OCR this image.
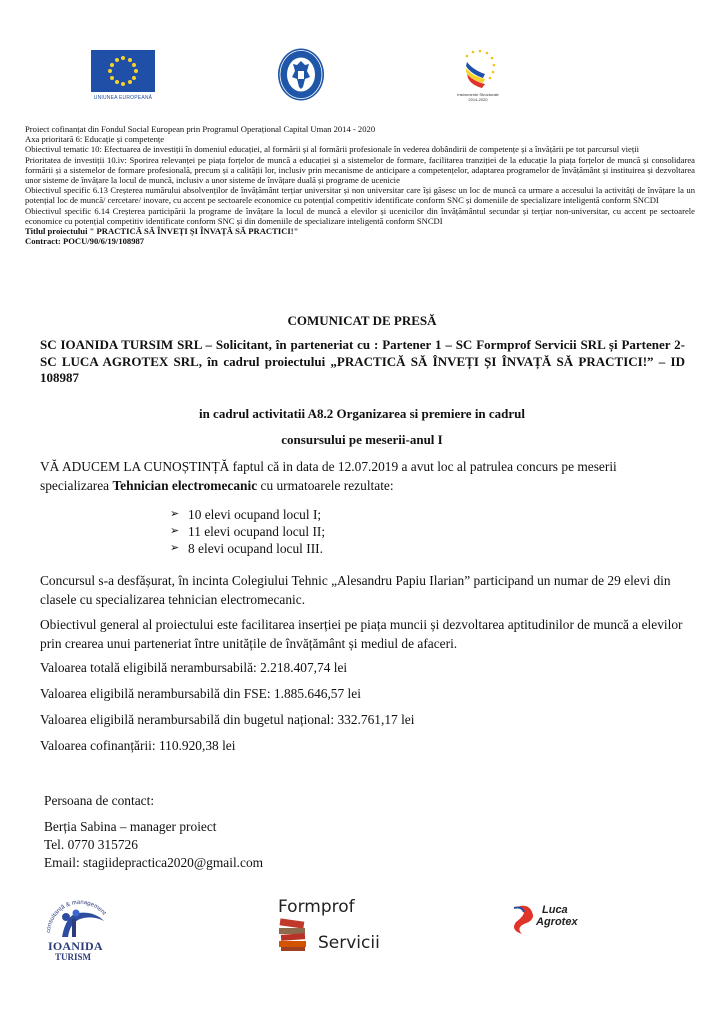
UNIUNEA EUROPEANĂ
Instrumente Structurale
2014-2020

Proiect cofinanțat din Fondul Social European prin Programul Operațional Capital Uman 2014 - 2020

Axa prioritară 6: Educație și competențe

Obiectivul tematic 10: Efectuarea de investiții în domeniul educației, al formării și al formării profesionale în vederea dobândirii de competențe și a învățării pe tot parcursul vieții

Prioritatea de investiții 10.iv: Sporirea relevanței pe piața forțelor de muncă a educației și a sistemelor de formare, facilitarea tranziției de la educație la piața forțelor de muncă și consolidarea formării și a sistemelor de formare profesională, precum și a calității lor, inclusiv prin mecanisme de anticipare a competențelor, adaptarea programelor de învățământ și instituirea și dezvoltarea unor sisteme de învățare la locul de muncă, inclusiv a unor sisteme de învățare duală și programe de ucenicie

Obiectivul specific 6.13 Creșterea numărului absolvenților de învățământ terțiar universitar și non universitar care își găsesc un loc de muncă ca urmare a accesului la activități de învățare la un potențial loc de muncă/ cercetare/ inovare, cu accent pe sectoarele economice cu potențial competitiv identificate conform SNC și domeniile de specializare inteligentă conform SNCDI

Obiectivul specific 6.14 Creșterea participării la programe de învățare la locul de muncă a elevilor și ucenicilor din învățământul secundar și terțiar non-universitar, cu accent pe sectoarele economice cu potențial competitiv identificate conform SNC și din domeniile de specializare inteligentă conform SNCDI

Titlul proiectului " PRACTICĂ SĂ ÎNVEȚI ȘI ÎNVAȚĂ SĂ PRACTICI!"

Contract: POCU/90/6/19/108987

COMUNICAT DE PRESĂ
SC IOANIDA TURSIM SRL – Solicitant, în parteneriat cu : Partener 1 – SC Formprof Servicii SRL și Partener 2- SC LUCA AGROTEX SRL, în cadrul proiectului „PRACTICĂ SĂ ÎNVEȚI ȘI ÎNVAȚĂ SĂ PRACTICI!” – ID 108987
in cadrul activitatii A8.2 Organizarea si premiere in cadrul
consursului pe meserii-anul I
VĂ ADUCEM LA CUNOȘTINȚĂ faptul că in data de 12.07.2019 a avut loc al patrulea concurs pe meserii specializarea Tehnician electromecanic cu urmatoarele rezultate:
➢ 10 elevi ocupand locul I;
➢ 11 elevi ocupand locul II;
➢ 8 elevi ocupand locul III.
Concursul s-a desfășurat, în incinta Colegiului Tehnic „Alesandru Papiu Ilarian” participand un numar de 29 elevi din clasele cu specializarea tehnician electromecanic.
Obiectivul general al proiectului este facilitarea inserției pe piața muncii și dezvoltarea aptitudinilor de muncă a elevilor prin crearea unui parteneriat între unitățile de învățământ și mediul de afaceri.
Valoarea totală eligibilă nerambursabilă: 2.218.407,74 lei
Valoarea eligibilă nerambursabilă din FSE: 1.885.646,57 lei
Valoarea eligibilă nerambursabilă din bugetul național: 332.761,17 lei
Valoarea cofinanțării: 110.920,38 lei
Persoana de contact:
Berția Sabina – manager proiect
Tel. 0770 315726
Email: stagiidepractica2020@gmail.com
consultanță & management
IOANIDA
TURISM
Formprof
Servicii
Luca
Agrotex
